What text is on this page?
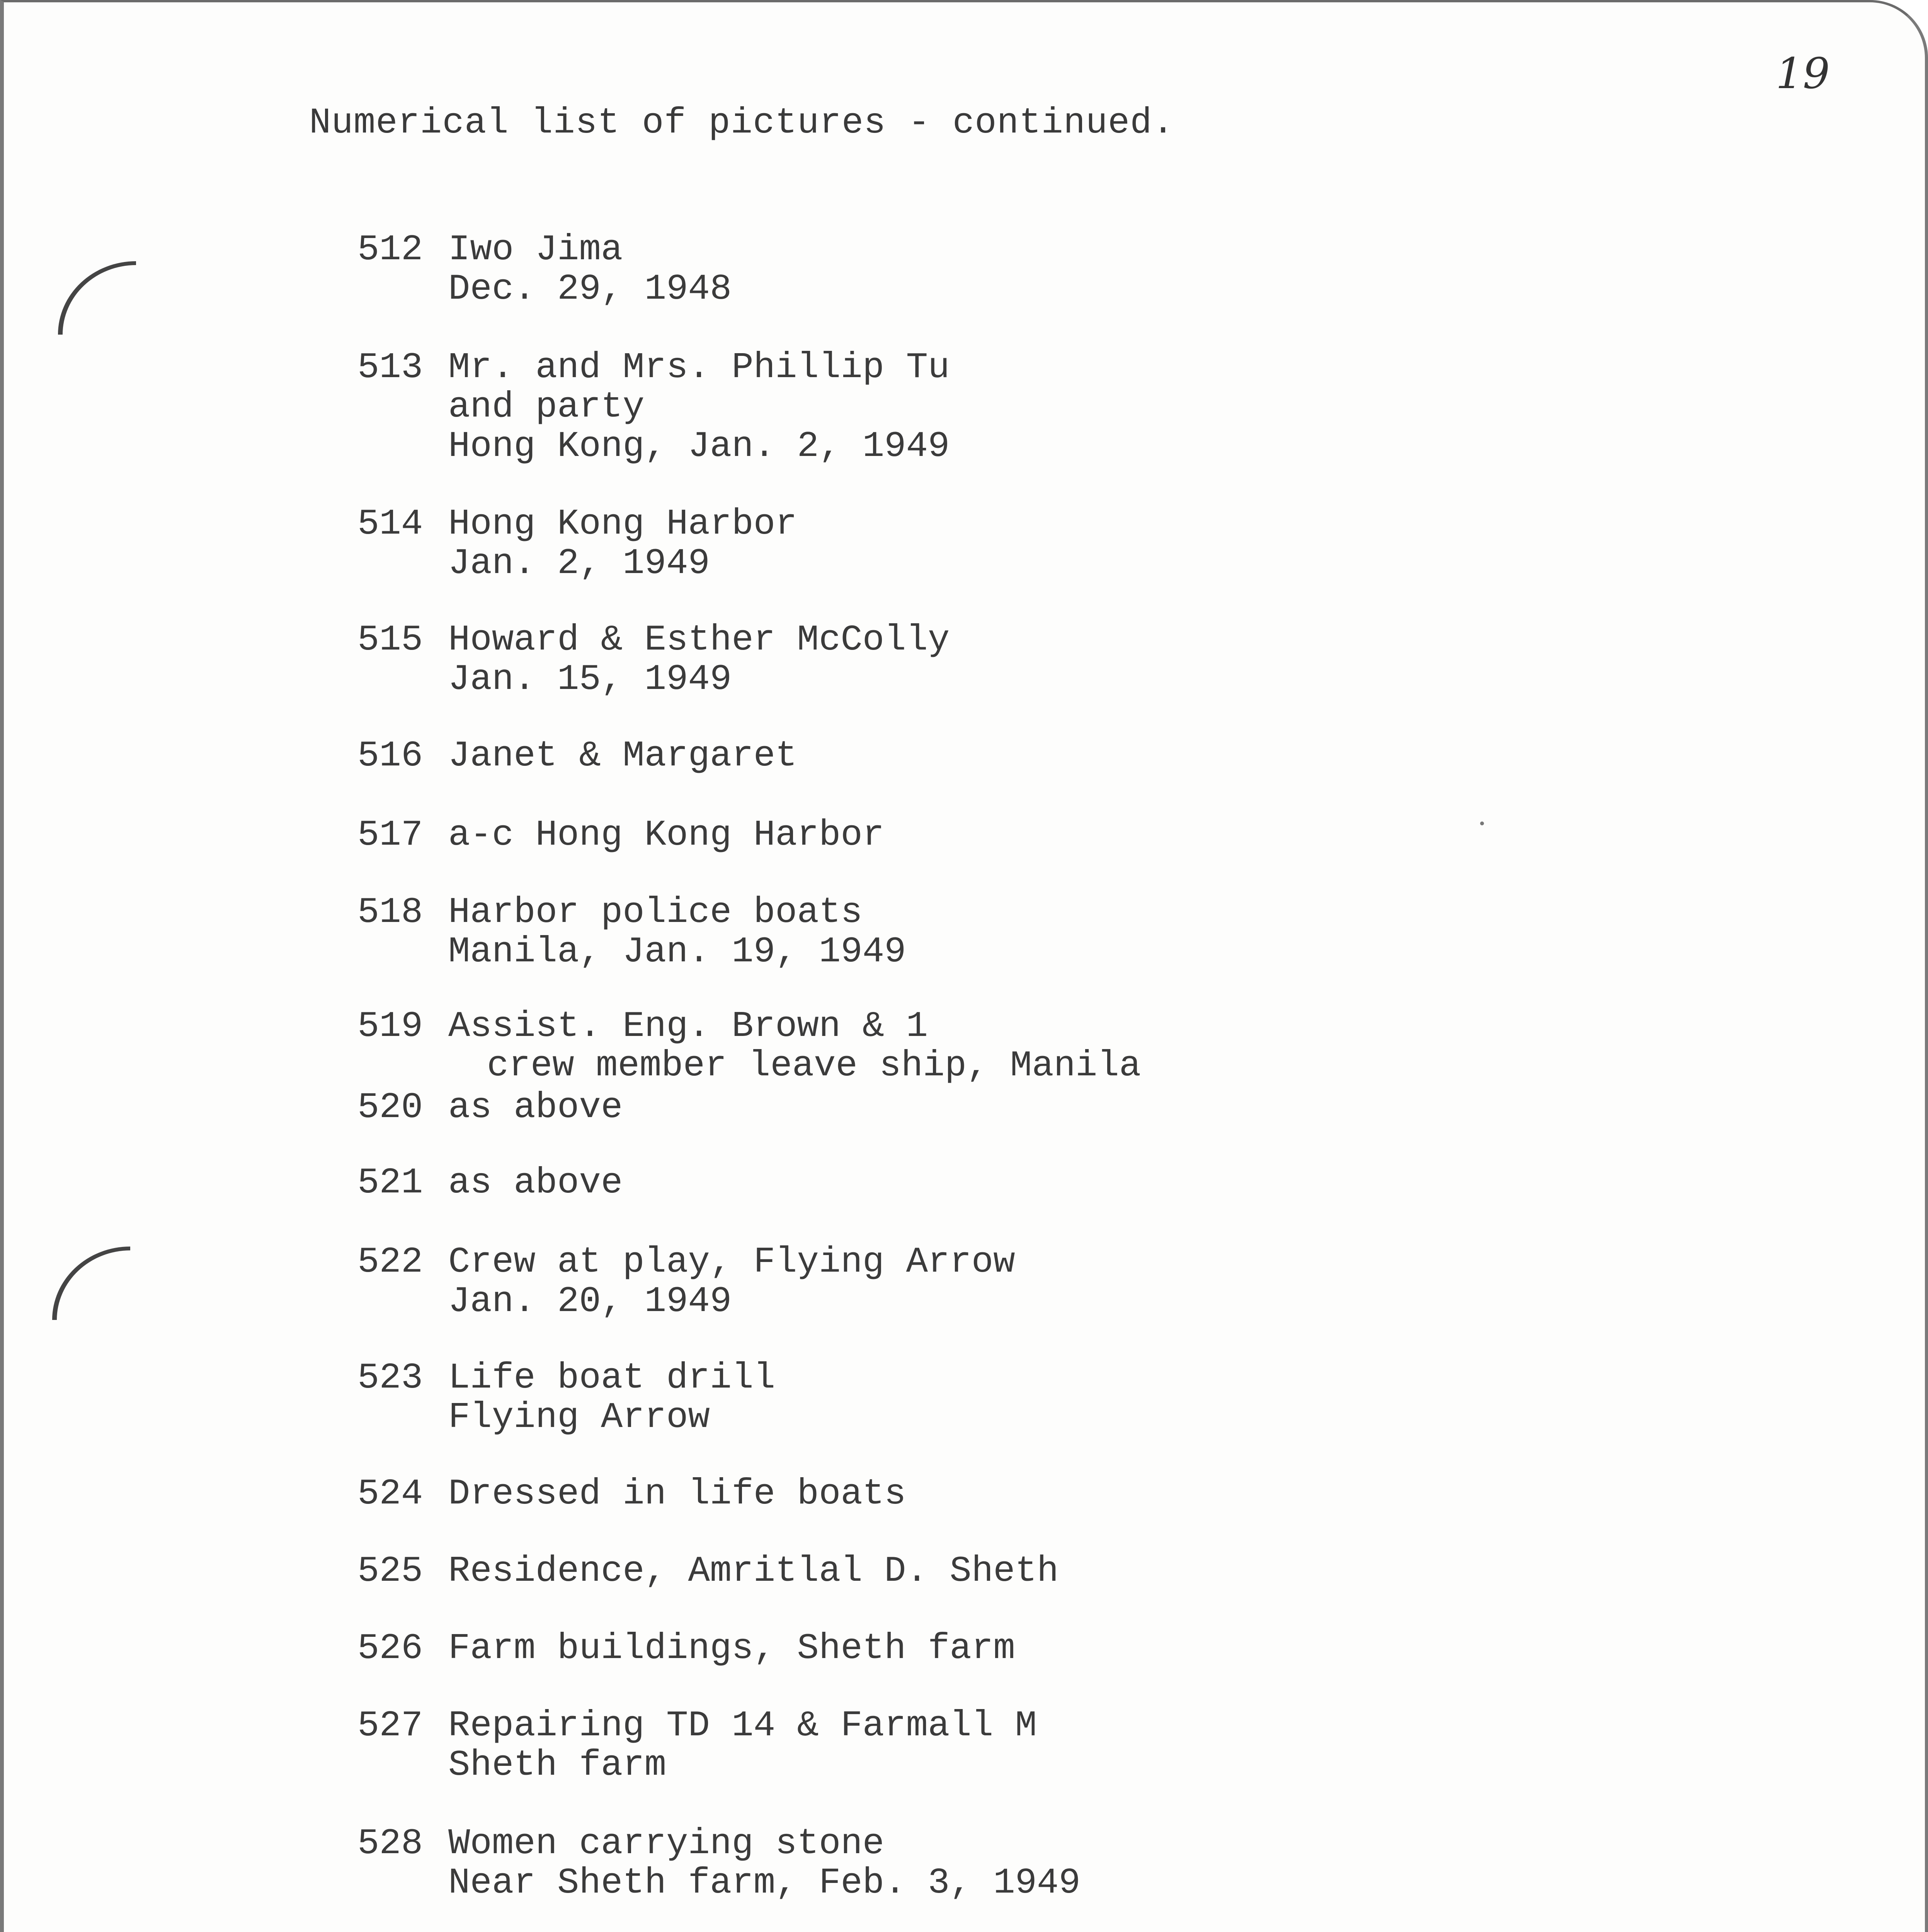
19
Numerical list of pictures - continued.
512 Iwo Jima
Dec. 29, 1948
513 Mr. and Mrs. Phillip Tu
and party
Hong Kong, Jan. 2, 1949
514 Hong Kong Harbor
Jan. 2, 1949
515 Howard & Esther McColly
Jan. 15, 1949
516 Janet & Margaret
517 a-c Hong Kong Harbor
518 Harbor police boats
Manila, Jan. 19, 1949
519 Assist. Eng. Brown & 1
crew member leave ship, Manila
520 as above
521 as above
522 Crew at play, Flying Arrow
Jan. 20, 1949
523 Life boat drill
Flying Arrow
524 Dressed in life boats
525 Residence, Amritlal D. Sheth
526 Farm buildings, Sheth farm
527 Repairing TD 14 & Farmall M
Sheth farm
528 Women carrying stone
Near Sheth farm, Feb. 3, 1949
